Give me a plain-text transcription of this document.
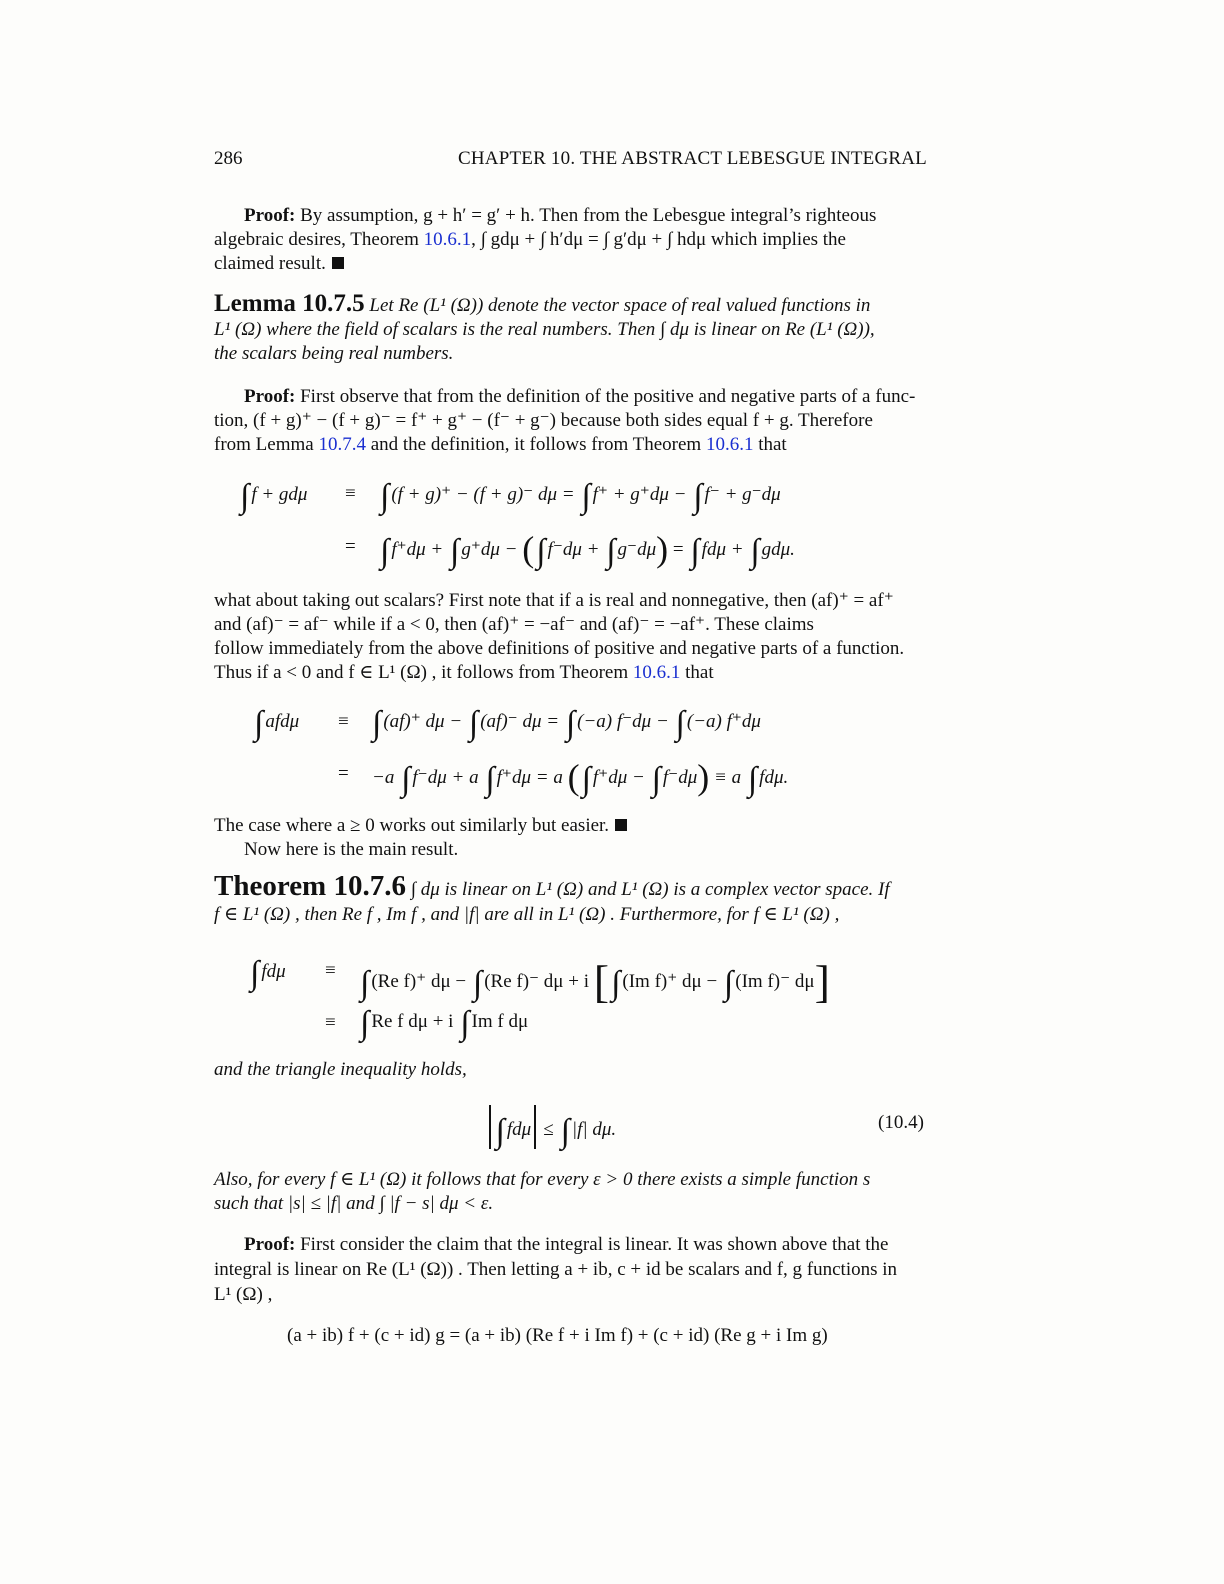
286	CHAPTER 10. THE ABSTRACT LEBESGUE INTEGRAL
Proof: By assumption, g + h′ = g′ + h. Then from the Lebesgue integral’s righteous
algebraic desires, Theorem 10.6.1, ∫ gdμ + ∫ h′dμ = ∫ g′dμ + ∫ hdμ which implies the
claimed result.
Lemma 10.7.5 Let Re (L¹ (Ω)) denote the vector space of real valued functions in
L¹ (Ω) where the field of scalars is the real numbers. Then ∫ dμ is linear on Re (L¹ (Ω)),
the scalars being real numbers.
Proof: First observe that from the definition of the positive and negative parts of a func-
tion, (f + g)⁺ − (f + g)⁻ = f⁺ + g⁺ − (f⁻ + g⁻) because both sides equal f + g. Therefore
from Lemma 10.7.4 and the definition, it follows from Theorem 10.6.1 that
∫ f + gdμ ≡ ∫ (f + g)⁺ − (f + g)⁻ dμ = ∫ f⁺ + g⁺dμ − ∫ f⁻ + g⁻dμ
= ∫ f⁺dμ + ∫ g⁺dμ − (∫ f⁻dμ + ∫ g⁻dμ) = ∫ fdμ + ∫ gdμ.
what about taking out scalars? First note that if a is real and nonnegative, then (af)⁺ = af⁺
and (af)⁻ = af⁻ while if a < 0, then (af)⁺ = −af⁻ and (af)⁻ = −af⁺. These claims
follow immediately from the above definitions of positive and negative parts of a function.
Thus if a < 0 and f ∈ L¹ (Ω) , it follows from Theorem 10.6.1 that
∫ afdμ ≡ ∫ (af)⁺ dμ − ∫ (af)⁻ dμ = ∫ (−a) f⁻dμ − ∫ (−a) f⁺dμ
= −a ∫ f⁻dμ + a ∫ f⁺dμ = a (∫ f⁺dμ − ∫ f⁻dμ) ≡ a ∫ fdμ.
The case where a ≥ 0 works out similarly but easier.
Now here is the main result.
Theorem 10.7.6 ∫ dμ is linear on L¹ (Ω) and L¹ (Ω) is a complex vector space. If
f ∈ L¹ (Ω) , then Re f , Im f , and |f| are all in L¹ (Ω) . Furthermore, for f ∈ L¹ (Ω) ,
∫ fdμ ≡ ∫ (Re f)⁺ dμ − ∫ (Re f)⁻ dμ + i [∫ (Im f)⁺ dμ − ∫ (Im f)⁻ dμ]
≡ ∫ Re f dμ + i ∫ Im f dμ
and the triangle inequality holds,
∫ fdμ ≤ ∫ |f| dμ.	(10.4)
Also, for every f ∈ L¹ (Ω) it follows that for every ε > 0 there exists a simple function s
such that |s| ≤ |f| and ∫ |f − s| dμ < ε.
Proof: First consider the claim that the integral is linear. It was shown above that the
integral is linear on Re (L¹ (Ω)) . Then letting a + ib, c + id be scalars and f, g functions in
L¹ (Ω) ,
(a + ib) f + (c + id) g = (a + ib) (Re f + i Im f) + (c + id) (Re g + i Im g)
